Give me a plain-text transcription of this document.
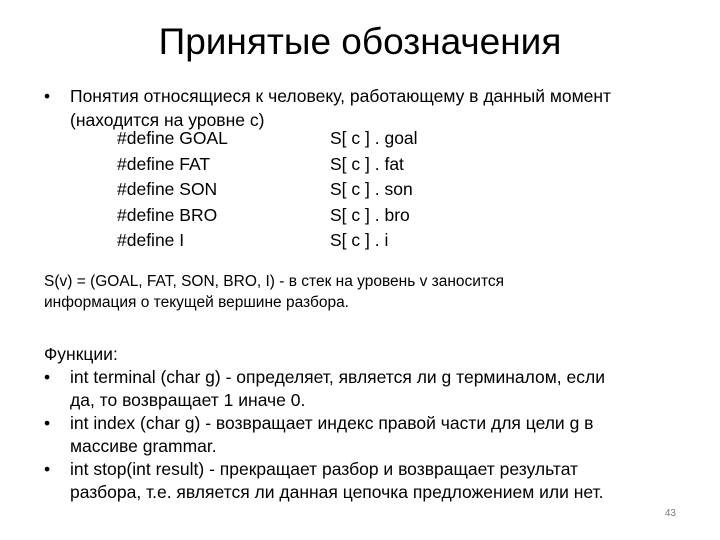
Принятые обозначения
• Понятия относящиеся к человеку, работающему в данный момент
(находится на уровне c)
#define GOAL	S[ c ] . goal
#define FAT	S[ c ] . fat
#define SON	S[ c ] . son
#define BRO	S[ c ] . bro
#define I	S[ c ] . i
S(v) = (GOAL, FAT, SON, BRO, I) - в стек на уровень v заносится
информация о текущей вершине разбора.
Функции:
• int terminal (char g) - определяет, является ли g терминалом, если
да, то возвращает 1 иначе 0.
• int index (char g) - возвращает индекс правой части для цели g в
массиве grammar.
• int stop(int result) - прекращает разбор и возвращает результат
разбора, т.е. является ли данная цепочка предложением или нет.
43
